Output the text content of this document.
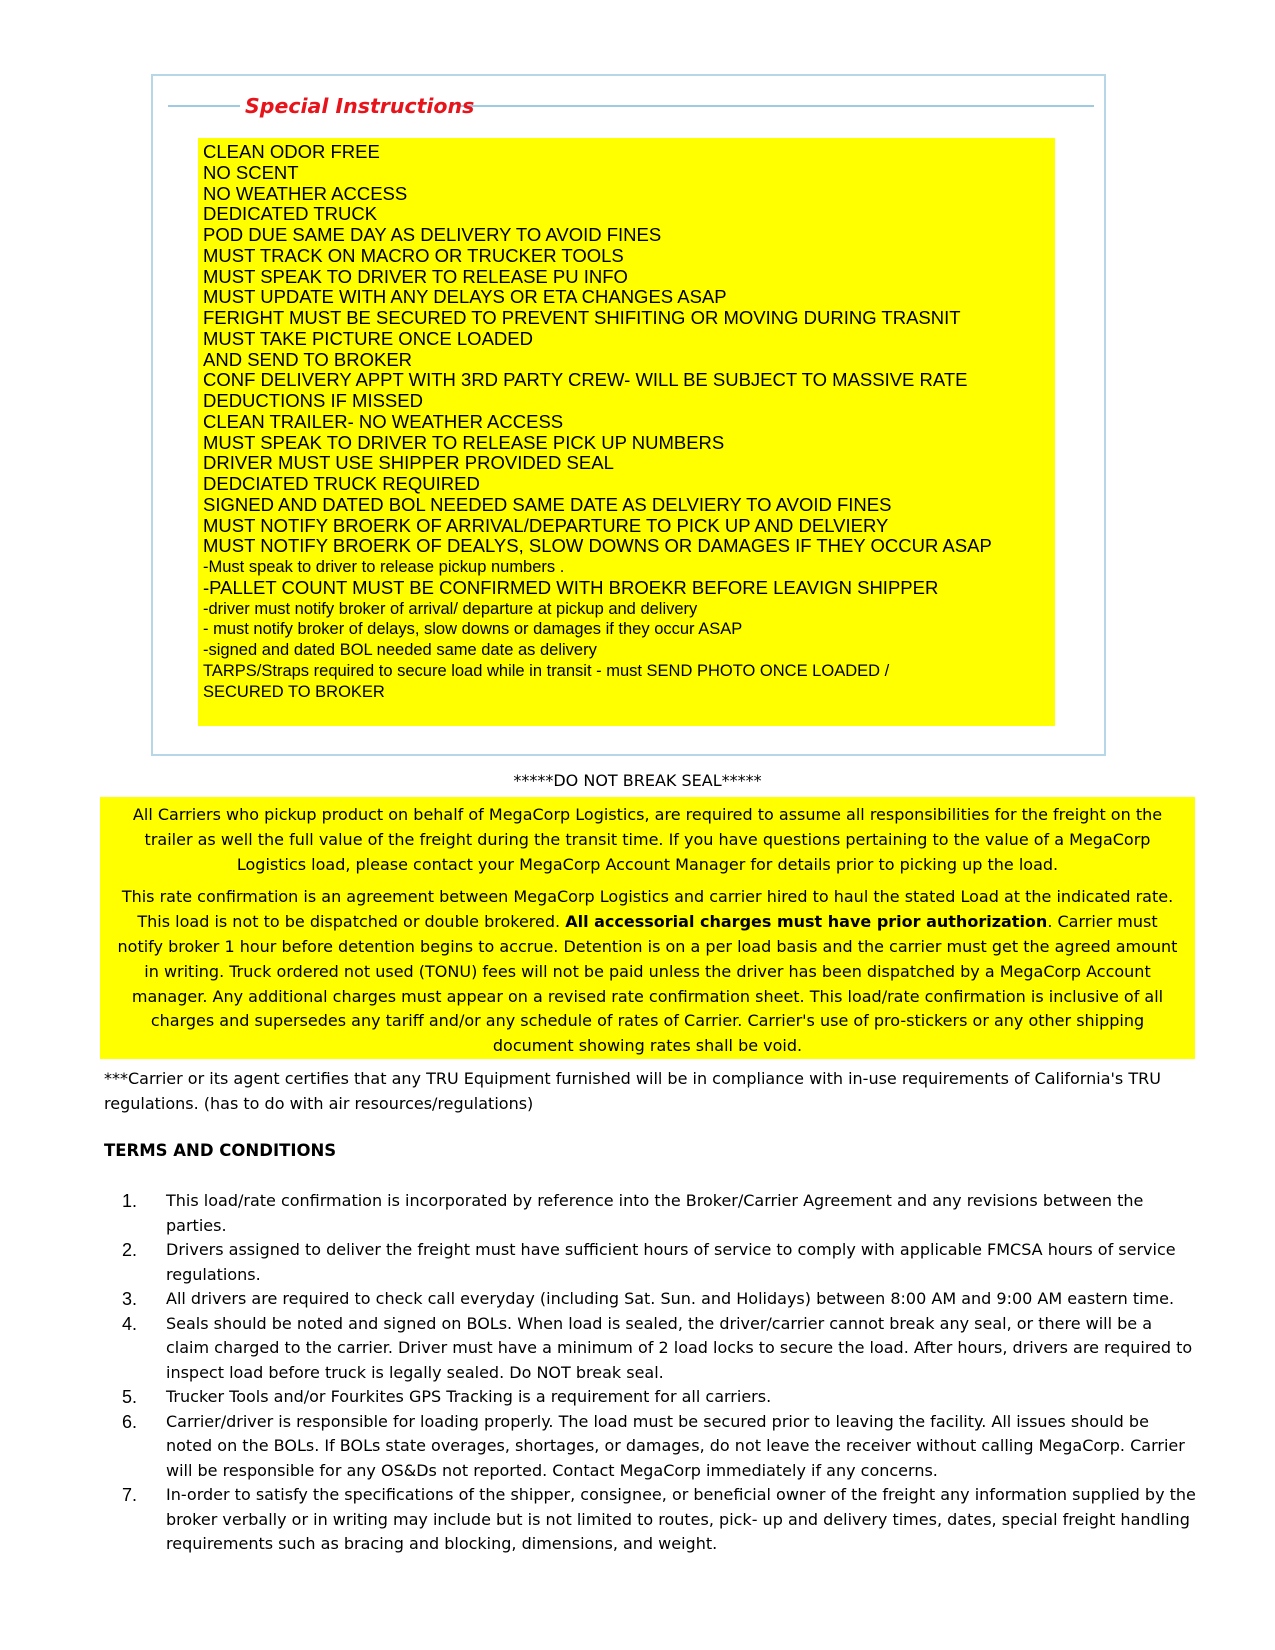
Special Instructions
CLEAN ODOR FREE
NO SCENT
NO WEATHER ACCESS
DEDICATED TRUCK
POD DUE SAME DAY AS DELIVERY TO AVOID FINES
MUST TRACK ON MACRO OR TRUCKER TOOLS
MUST SPEAK TO DRIVER TO RELEASE PU INFO
MUST UPDATE WITH ANY DELAYS OR ETA CHANGES ASAP
FERIGHT MUST BE SECURED TO PREVENT SHIFITING OR MOVING DURING TRASNIT
MUST TAKE PICTURE ONCE LOADED
AND SEND TO BROKER
CONF DELIVERY APPT WITH 3RD PARTY CREW- WILL BE SUBJECT TO MASSIVE RATE
DEDUCTIONS IF MISSED
CLEAN TRAILER- NO WEATHER ACCESS
MUST SPEAK TO DRIVER TO RELEASE PICK UP NUMBERS
DRIVER MUST USE SHIPPER PROVIDED SEAL
DEDCIATED TRUCK REQUIRED
SIGNED AND DATED BOL NEEDED SAME DATE AS DELVIERY TO AVOID FINES
MUST NOTIFY BROERK OF ARRIVAL/DEPARTURE TO PICK UP AND DELVIERY
MUST NOTIFY BROERK OF DEALYS, SLOW DOWNS OR DAMAGES IF THEY OCCUR ASAP
-Must speak to driver to release pickup numbers .
-PALLET COUNT MUST BE CONFIRMED WITH BROEKR BEFORE LEAVIGN SHIPPER
-driver must notify broker of arrival/ departure at pickup and delivery
- must notify broker of delays, slow downs or damages if they occur ASAP
-signed and dated BOL needed same date as delivery
TARPS/Straps required to secure load while in transit - must SEND PHOTO ONCE LOADED /
SECURED TO BROKER
*****DO NOT BREAK SEAL*****

All Carriers who pickup product on behalf of MegaCorp Logistics, are required to assume all responsibilities for the freight on the trailer as well the full value of the freight during the transit time. If you have questions pertaining to the value of a MegaCorp Logistics load, please contact your MegaCorp Account Manager for details prior to picking up the load.

This rate confirmation is an agreement between MegaCorp Logistics and carrier hired to haul the stated Load at the indicated rate. This load is not to be dispatched or double brokered. All accessorial charges must have prior authorization. Carrier must notify broker 1 hour before detention begins to accrue. Detention is on a per load basis and the carrier must get the agreed amount in writing. Truck ordered not used (TONU) fees will not be paid unless the driver has been dispatched by a MegaCorp Account manager. Any additional charges must appear on a revised rate confirmation sheet. This load/rate confirmation is inclusive of all charges and supersedes any tariff and/or any schedule of rates of Carrier. Carrier's use of pro-stickers or any other shipping document showing rates shall be void.

***Carrier or its agent certifies that any TRU Equipment furnished will be in compliance with in-use requirements of California's TRU regulations. (has to do with air resources/regulations)
TERMS AND CONDITIONS
1.	This load/rate confirmation is incorporated by reference into the Broker/Carrier Agreement and any revisions between the parties.
2.	Drivers assigned to deliver the freight must have sufficient hours of service to comply with applicable FMCSA hours of service regulations.
3.	All drivers are required to check call everyday (including Sat. Sun. and Holidays) between 8:00 AM and 9:00 AM eastern time.
4.	Seals should be noted and signed on BOLs. When load is sealed, the driver/carrier cannot break any seal, or there will be a claim charged to the carrier. Driver must have a minimum of 2 load locks to secure the load. After hours, drivers are required to inspect load before truck is legally sealed. Do NOT break seal.
5.	Trucker Tools and/or Fourkites GPS Tracking is a requirement for all carriers.
6.	Carrier/driver is responsible for loading properly. The load must be secured prior to leaving the facility. All issues should be noted on the BOLs. If BOLs state overages, shortages, or damages, do not leave the receiver without calling MegaCorp. Carrier will be responsible for any OS&Ds not reported. Contact MegaCorp immediately if any concerns.
7.	In-order to satisfy the specifications of the shipper, consignee, or beneficial owner of the freight any information supplied by the broker verbally or in writing may include but is not limited to routes, pick- up and delivery times, dates, special freight handling requirements such as bracing and blocking, dimensions, and weight.
